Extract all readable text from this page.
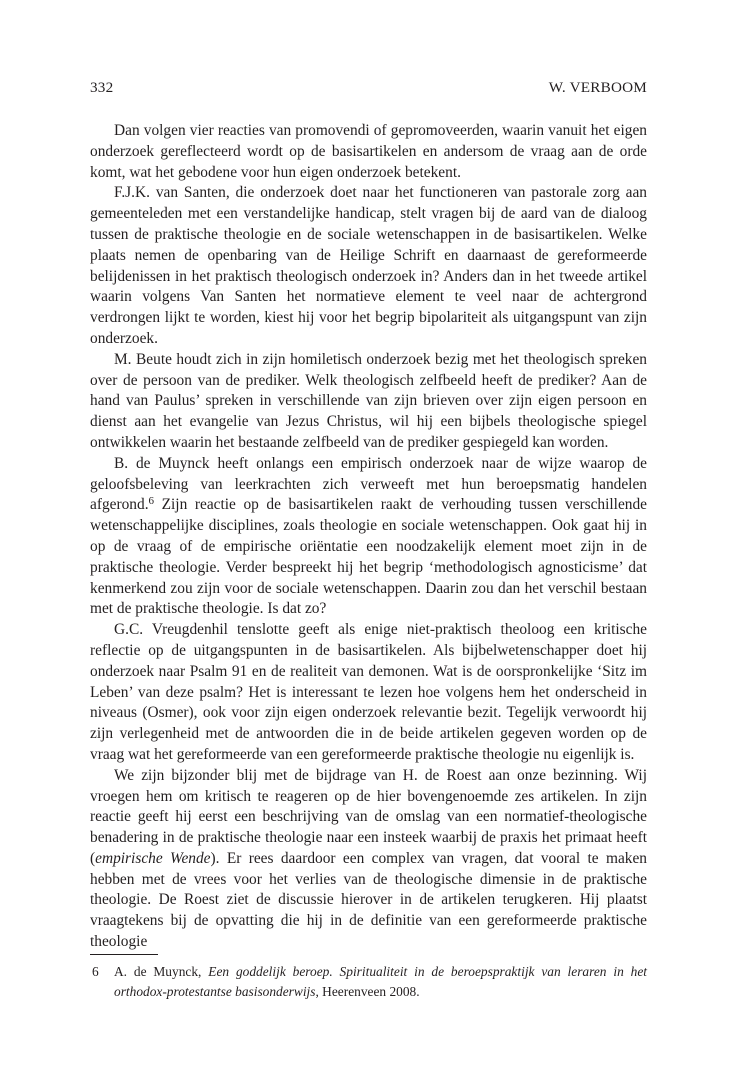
332	W. VERBOOM

Dan volgen vier reacties van promovendi of gepromoveerden, waarin vanuit het eigen onderzoek gereflecteerd wordt op de basisartikelen en andersom de vraag aan de orde komt, wat het gebodene voor hun eigen onderzoek betekent.

F.J.K. van Santen, die onderzoek doet naar het functioneren van pastorale zorg aan gemeenteleden met een verstandelijke handicap, stelt vragen bij de aard van de dialoog tussen de praktische theologie en de sociale wetenschappen in de basisartikelen. Welke plaats nemen de openbaring van de Heilige Schrift en daarnaast de gereformeerde belijdenissen in het praktisch theologisch onderzoek in? Anders dan in het tweede artikel waarin volgens Van Santen het normatieve element te veel naar de achtergrond verdrongen lijkt te worden, kiest hij voor het begrip bipolariteit als uitgangspunt van zijn onderzoek.

M. Beute houdt zich in zijn homiletisch onderzoek bezig met het theologisch spreken over de persoon van de prediker. Welk theologisch zelfbeeld heeft de prediker? Aan de hand van Paulus’ spreken in verschillende van zijn brieven over zijn eigen persoon en dienst aan het evangelie van Jezus Christus, wil hij een bijbels theologische spiegel ontwikkelen waarin het bestaande zelfbeeld van de prediker gespiegeld kan worden.

B. de Muynck heeft onlangs een empirisch onderzoek naar de wijze waarop de geloofsbeleving van leerkrachten zich verweeft met hun beroepsmatig handelen afgerond.$^6$ Zijn reactie op de basisartikelen raakt de verhouding tussen verschillende wetenschappelijke disciplines, zoals theologie en sociale wetenschappen. Ook gaat hij in op de vraag of de empirische oriëntatie een noodzakelijk element moet zijn in de praktische theologie. Verder bespreekt hij het begrip ‘methodologisch agnosticisme’ dat kenmerkend zou zijn voor de sociale wetenschappen. Daarin zou dan het verschil bestaan met de praktische theologie. Is dat zo?

G.C. Vreugdenhil tenslotte geeft als enige niet-praktisch theoloog een kritische reflectie op de uitgangspunten in de basisartikelen. Als bijbelwetenschapper doet hij onderzoek naar Psalm 91 en de realiteit van demonen. Wat is de oorspronkelijke ‘Sitz im Leben’ van deze psalm? Het is interessant te lezen hoe volgens hem het onderscheid in niveaus (Osmer), ook voor zijn eigen onderzoek relevantie bezit. Tegelijk verwoordt hij zijn verlegenheid met de antwoorden die in de beide artikelen gegeven worden op de vraag wat het gereformeerde van een gereformeerde praktische theologie nu eigenlijk is.

We zijn bijzonder blij met de bijdrage van H. de Roest aan onze bezinning. Wij vroegen hem om kritisch te reageren op de hier bovengenoemde zes artikelen. In zijn reactie geeft hij eerst een beschrijving van de omslag van een normatief-theologische benadering in de praktische theologie naar een insteek waarbij de praxis het primaat heeft (empirische Wende). Er rees daardoor een complex van vragen, dat vooral te maken hebben met de vrees voor het verlies van de theologische dimensie in de praktische theologie. De Roest ziet de discussie hierover in de artikelen terugkeren. Hij plaatst vraagtekens bij de opvatting die hij in de definitie van een gereformeerde praktische theologie

6 A. de Muynck, Een goddelijk beroep. Spiritualiteit in de beroepspraktijk van leraren in het orthodox-protestantse basisonderwijs, Heerenveen 2008.
